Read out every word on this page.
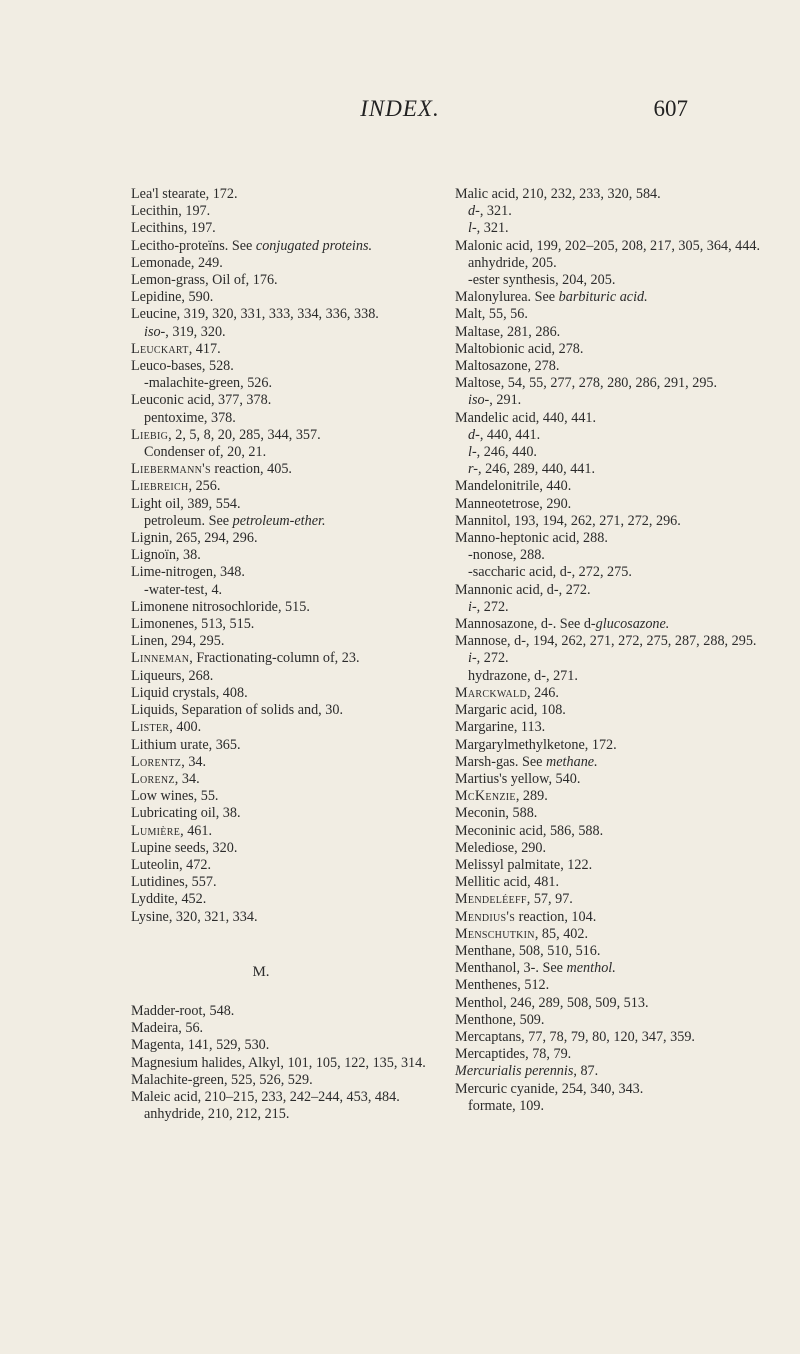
INDEX.	607
Lea'l stearate, 172.
Lecithin, 197.
Lecithins, 197.
Lecitho-proteïns. See conjugated proteins.
Lemonade, 249.
Lemon-grass, Oil of, 176.
Lepidine, 590.
Leucine, 319, 320, 331, 333, 334, 336, 338.
iso-, 319, 320.
Leuckart, 417.
Leuco-bases, 528.
-malachite-green, 526.
Leuconic acid, 377, 378.
pentoxime, 378.
Liebig, 2, 5, 8, 20, 285, 344, 357.
Condenser of, 20, 21.
Liebermann's reaction, 405.
Liebreich, 256.
Light oil, 389, 554.
petroleum. See petroleum-ether.
Lignin, 265, 294, 296.
Lignoïn, 38.
Lime-nitrogen, 348.
-water-test, 4.
Limonene nitrosochloride, 515.
Limonenes, 513, 515.
Linen, 294, 295.
Linneman, Fractionating-column of, 23.
Liqueurs, 268.
Liquid crystals, 408.
Liquids, Separation of solids and, 30.
Lister, 400.
Lithium urate, 365.
Lorentz, 34.
Lorenz, 34.
Low wines, 55.
Lubricating oil, 38.
Lumière, 461.
Lupine seeds, 320.
Luteolin, 472.
Lutidines, 557.
Lyddite, 452.
Lysine, 320, 321, 334.
M.
Madder-root, 548.
Madeira, 56.
Magenta, 141, 529, 530.
Magnesium halides, Alkyl, 101, 105, 122, 135, 314.
Malachite-green, 525, 526, 529.
Maleic acid, 210–215, 233, 242–244, 453, 484.
anhydride, 210, 212, 215.
Malic acid, 210, 232, 233, 320, 584.
d-, 321.
l-, 321.
Malonic acid, 199, 202–205, 208, 217, 305, 364, 444.
anhydride, 205.
-ester synthesis, 204, 205.
Malonylurea. See barbituric acid.
Malt, 55, 56.
Maltase, 281, 286.
Maltobionic acid, 278.
Maltosazone, 278.
Maltose, 54, 55, 277, 278, 280, 286, 291, 295.
iso-, 291.
Mandelic acid, 440, 441.
d-, 440, 441.
l-, 246, 440.
r-, 246, 289, 440, 441.
Mandelonitrile, 440.
Manneotetrose, 290.
Mannitol, 193, 194, 262, 271, 272, 296.
Manno-heptonic acid, 288.
-nonose, 288.
-saccharic acid, d-, 272, 275.
Mannonic acid, d-, 272.
i-, 272.
Mannosazone, d-. See d-glucosazone.
Mannose, d-, 194, 262, 271, 272, 275, 287, 288, 295.
i-, 272.
hydrazone, d-, 271.
Marckwald, 246.
Margaric acid, 108.
Margarine, 113.
Margarylmethylketone, 172.
Marsh-gas. See methane.
Martius's yellow, 540.
McKenzie, 289.
Meconin, 588.
Meconinic acid, 586, 588.
Melediose, 290.
Melissyl palmitate, 122.
Mellitic acid, 481.
Mendeléeff, 57, 97.
Mendius's reaction, 104.
Menschutkin, 85, 402.
Menthane, 508, 510, 516.
Menthanol, 3-. See menthol.
Menthenes, 512.
Menthol, 246, 289, 508, 509, 513.
Menthone, 509.
Mercaptans, 77, 78, 79, 80, 120, 347, 359.
Mercaptides, 78, 79.
Mercurialis perennis, 87.
Mercuric cyanide, 254, 340, 343.
formate, 109.
